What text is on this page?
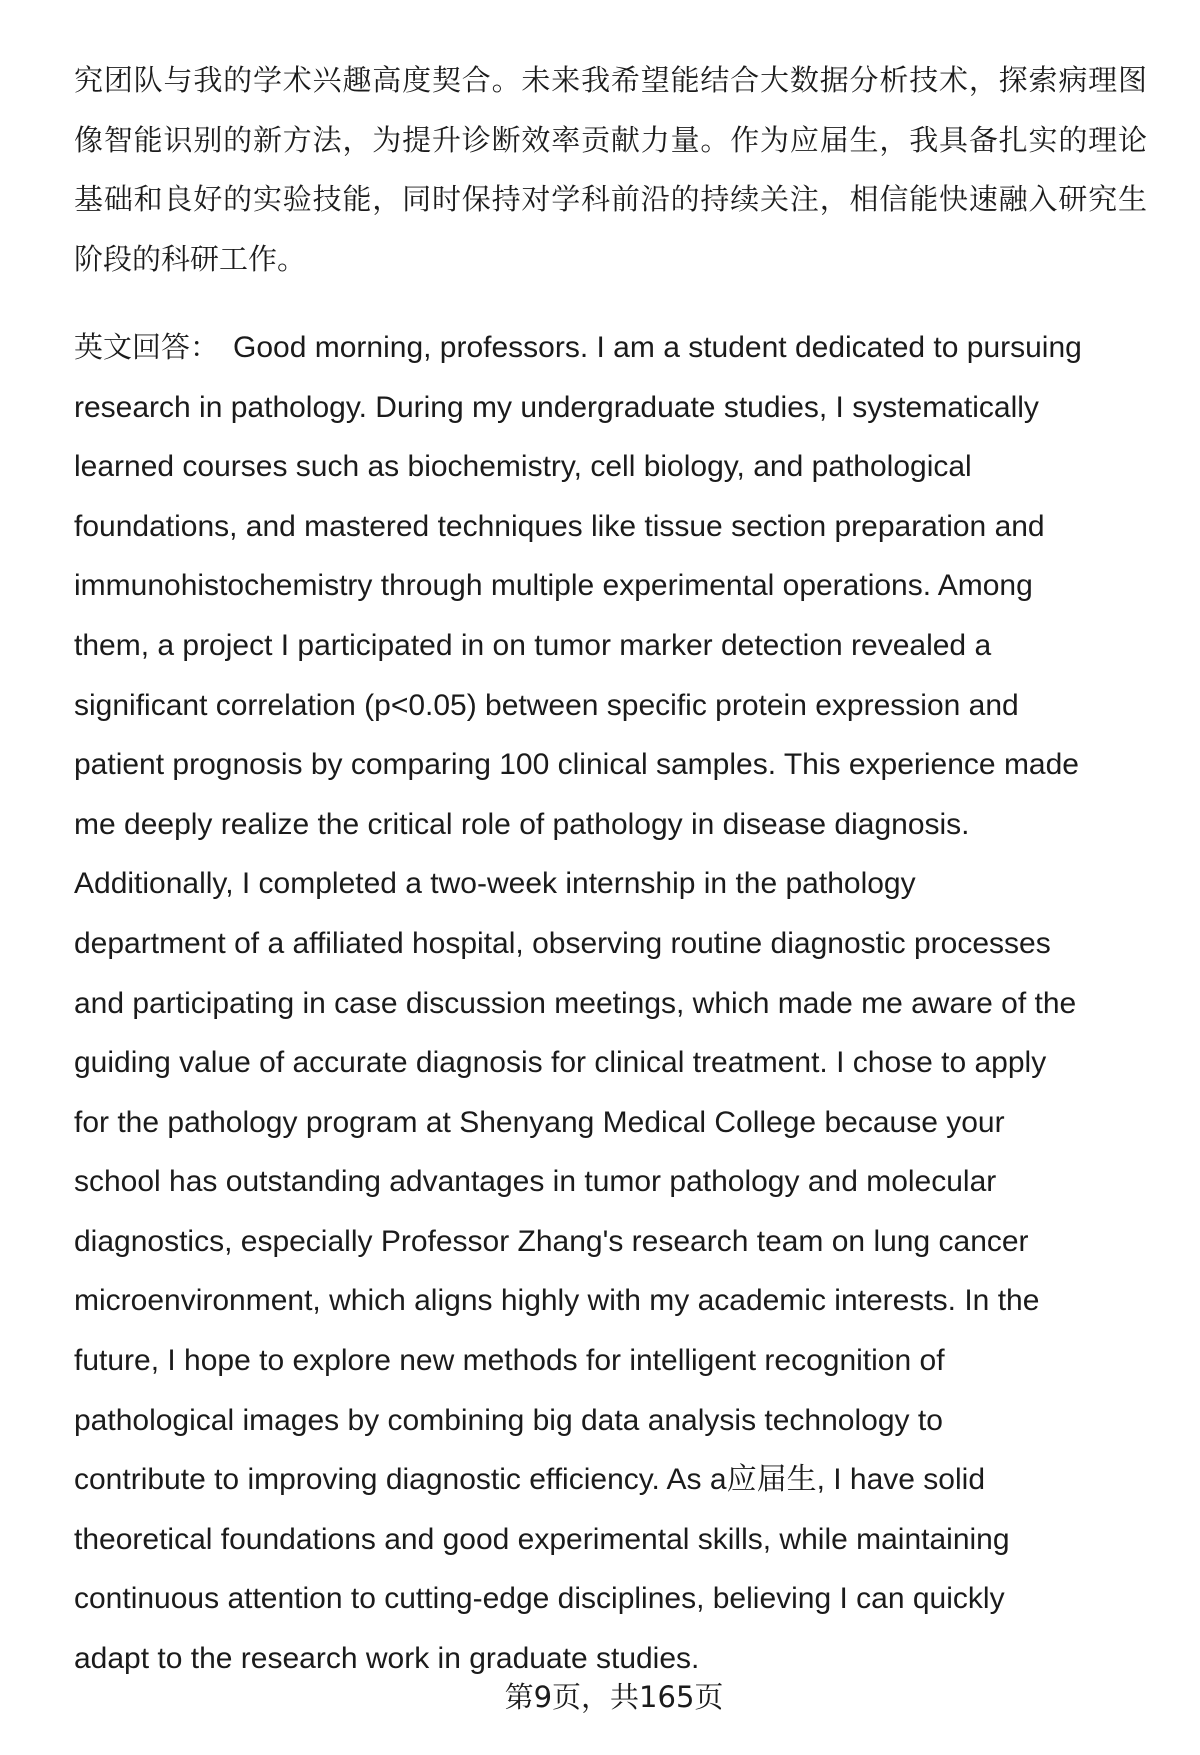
究团队与我的学术兴趣高度契合。未来我希望能结合大数据分析技术，探索病理图
像智能识别的新方法，为提升诊断效率贡献力量。作为应届生，我具备扎实的理论
基础和良好的实验技能，同时保持对学科前沿的持续关注，相信能快速融入研究生
阶段的科研工作。
英文回答： Good morning, professors. I am a student dedicated to pursuing
research in pathology. During my undergraduate studies, I systematically
learned courses such as biochemistry, cell biology, and pathological
foundations, and mastered techniques like tissue section preparation and
immunohistochemistry through multiple experimental operations. Among
them, a project I participated in on tumor marker detection revealed a
significant correlation (p<0.05) between specific protein expression and
patient prognosis by comparing 100 clinical samples. This experience made
me deeply realize the critical role of pathology in disease diagnosis.
Additionally, I completed a two-week internship in the pathology
department of a affiliated hospital, observing routine diagnostic processes
and participating in case discussion meetings, which made me aware of the
guiding value of accurate diagnosis for clinical treatment. I chose to apply
for the pathology program at Shenyang Medical College because your
school has outstanding advantages in tumor pathology and molecular
diagnostics, especially Professor Zhang's research team on lung cancer
microenvironment, which aligns highly with my academic interests. In the
future, I hope to explore new methods for intelligent recognition of
pathological images by combining big data analysis technology to
contribute to improving diagnostic efficiency. As a应届生, I have solid
theoretical foundations and good experimental skills, while maintaining
continuous attention to cutting-edge disciplines, believing I can quickly
adapt to the research work in graduate studies.
第9页，共165页
